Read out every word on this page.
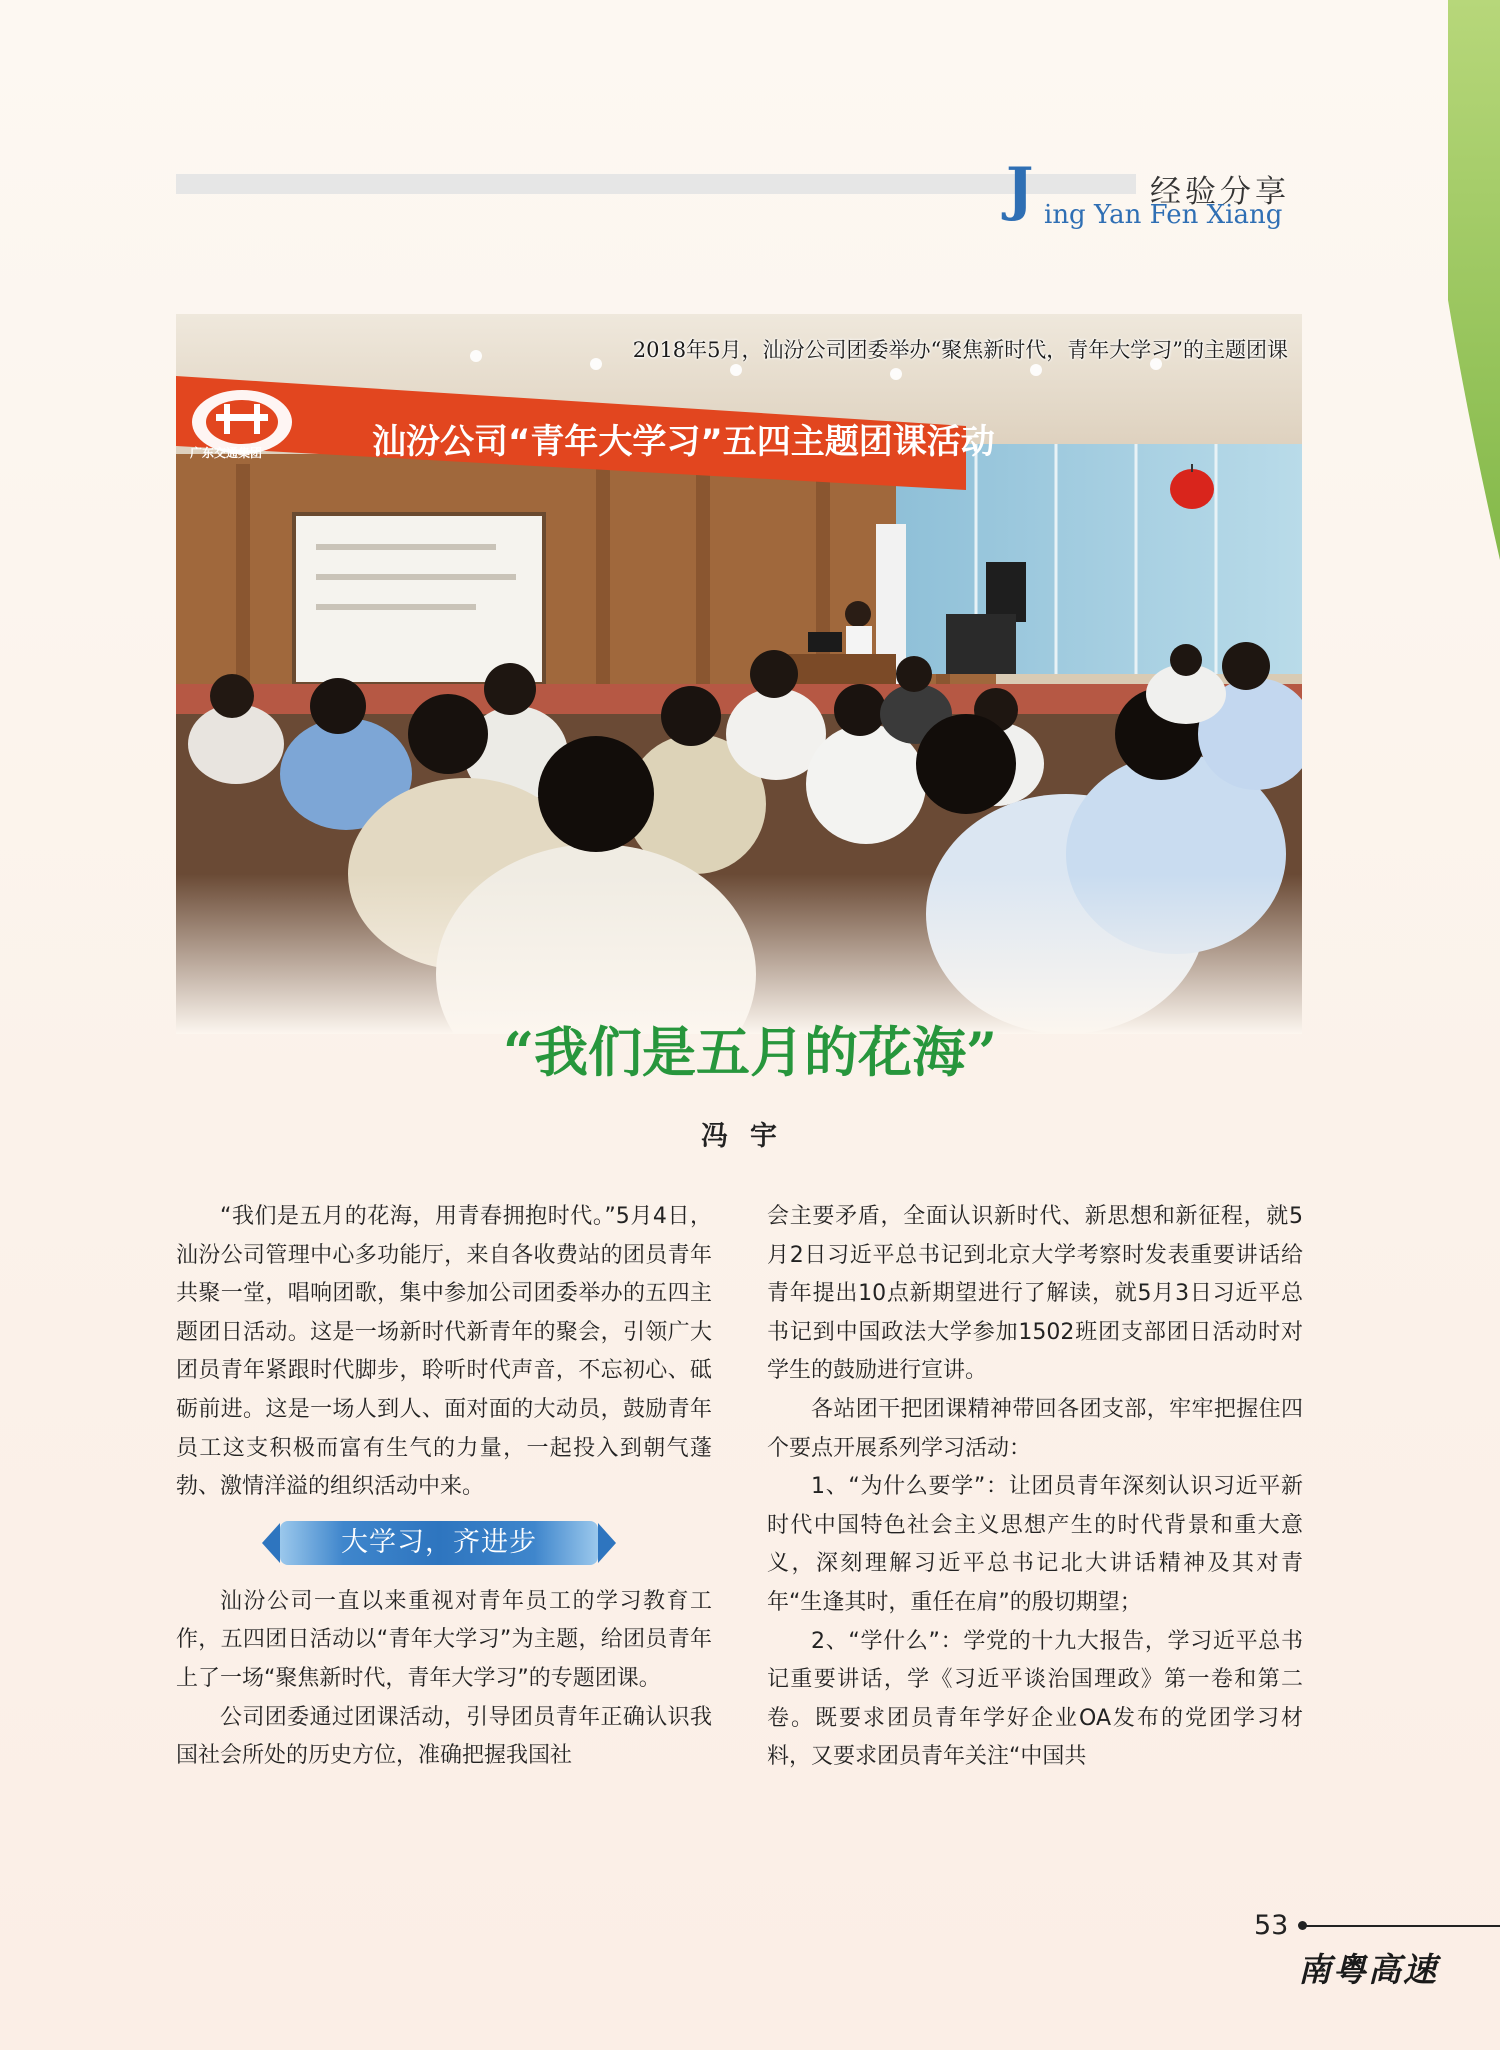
J	经验分享
ing Yan Fen Xiang
广东交通集团	汕汾公司“青年大学习”五四主题团课活动
2018年5月，汕汾公司团委举办“聚焦新时代，青年大学习”的主题团课
“我们是五月的花海”
冯宇

“我们是五月的花海，用青春拥抱时代。”5月4日，汕汾公司管理中心多功能厅，来自各收费站的团员青年共聚一堂，唱响团歌，集中参加公司团委举办的五四主题团日活动。这是一场新时代新青年的聚会，引领广大团员青年紧跟时代脚步，聆听时代声音，不忘初心、砥砺前进。这是一场人到人、面对面的大动员，鼓励青年员工这支积极而富有生气的力量，一起投入到朝气蓬勃、激情洋溢的组织活动中来。

大学习，齐进步

汕汾公司一直以来重视对青年员工的学习教育工作，五四团日活动以“青年大学习”为主题，给团员青年上了一场“聚焦新时代，青年大学习”的专题团课。

公司团委通过团课活动，引导团员青年正确认识我国社会所处的历史方位，准确把握我国社

会主要矛盾，全面认识新时代、新思想和新征程，就5月2日习近平总书记到北京大学考察时发表重要讲话给青年提出10点新期望进行了解读，就5月3日习近平总书记到中国政法大学参加1502班团支部团日活动时对学生的鼓励进行宣讲。

各站团干把团课精神带回各团支部，牢牢把握住四个要点开展系列学习活动：

1、“为什么要学”：让团员青年深刻认识习近平新时代中国特色社会主义思想产生的时代背景和重大意义，深刻理解习近平总书记北大讲话精神及其对青年“生逢其时，重任在肩”的殷切期望；

2、“学什么”：学党的十九大报告，学习近平总书记重要讲话，学《习近平谈治国理政》第一卷和第二卷。既要求团员青年学好企业OA发布的党团学习材料，又要求团员青年关注“中国共

53
南粤高速
